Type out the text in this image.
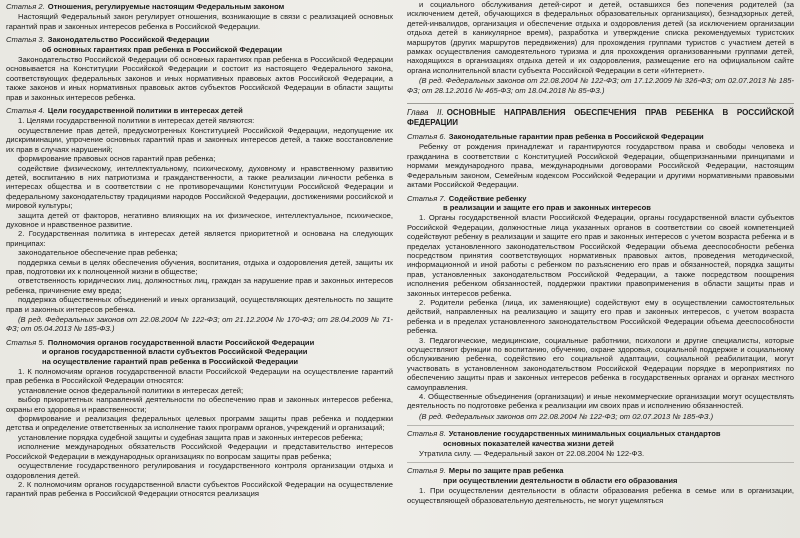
Статья 2. Отношения, регулируемые настоящим Федеральным законом

Настоящий Федеральный закон регулирует отношения, возникающие в связи с реализацией основных гарантий прав и законных интересов ребенка в Российской Федерации.

Статья 3. Законодательство Российской Федерации
об основных гарантиях прав ребенка в Российской Федерации

Законодательство Российской Федерации об основных гарантиях прав ребенка в Российской Федерации основывается на Конституции Российской Федерации и состоит из настоящего Федерального закона, соответствующих федеральных законов и иных нормативных правовых актов Российской Федерации, а также законов и иных нормативных правовых актов субъектов Российской Федерации в области защиты прав и законных интересов ребенка.

Статья 4. Цели государственной политики в интересах детей

1. Целями государственной политики в интересах детей являются:

осуществление прав детей, предусмотренных Конституцией Российской Федерации, недопущение их дискриминации, упрочение основных гарантий прав и законных интересов детей, а также восстановление их прав в случаях нарушений;

формирование правовых основ гарантий прав ребенка;

содействие физическому, интеллектуальному, психическому, духовному и нравственному развитию детей, воспитанию в них патриотизма и гражданственности, а также реализации личности ребенка в интересах общества и в соответствии с не противоречащими Конституции Российской Федерации и федеральному законодательству традициями народов Российской Федерации, достижениями российской и мировой культуры;

защита детей от факторов, негативно влияющих на их физическое, интеллектуальное, психическое, духовное и нравственное развитие.

2. Государственная политика в интересах детей является приоритетной и основана на следующих принципах:

законодательное обеспечение прав ребенка;

поддержка семьи в целях обеспечения обучения, воспитания, отдыха и оздоровления детей, защиты их прав, подготовки их к полноценной жизни в обществе;

ответственность юридических лиц, должностных лиц, граждан за нарушение прав и законных интересов ребенка, причинение ему вреда;

поддержка общественных объединений и иных организаций, осуществляющих деятельность по защите прав и законных интересов ребенка.

(В ред. Федеральных законов от 22.08.2004 № 122-ФЗ; от 21.12.2004 № 170-ФЗ; от 28.04.2009 № 71-ФЗ; от 05.04.2013 № 185-ФЗ.)

Статья 5. Полномочия органов государственной власти Российской Федерации
и органов государственной власти субъектов Российской Федерации
на осуществление гарантий прав ребенка в Российской Федерации

1. К полномочиям органов государственной власти Российской Федерации на осуществление гарантий прав ребенка в Российской Федерации относятся:

установление основ федеральной политики в интересах детей;

выбор приоритетных направлений деятельности по обеспечению прав и законных интересов ребенка, охраны его здоровья и нравственности;

формирование и реализация федеральных целевых программ защиты прав ребенка и поддержки детства и определение ответственных за исполнение таких программ органов, учреждений и организаций;

установление порядка судебной защиты и судебная защита прав и законных интересов ребенка;

исполнение международных обязательств Российской Федерации и представительство интересов Российской Федерации в международных организациях по вопросам защиты прав ребенка;

осуществление государственного регулирования и государственного контроля организации отдыха и оздоровления детей.

2. К полномочиям органов государственной власти субъектов Российской Федерации на осуществление гарантий прав ребенка в Российской Федерации относятся реализация

и социального обслуживания детей-сирот и детей, оставшихся без попечения родителей (за исключением детей, обучающихся в федеральных образовательных организациях), безнадзорных детей, детей-инвалидов, организация и обеспечение отдыха и оздоровления детей (за исключением организации отдыха детей в каникулярное время), разработка и утверждение списка рекомендуемых туристских маршрутов (других маршрутов передвижения) для прохождения группами туристов с участием детей в рамках осуществления самодеятельного туризма и для прохождения организованными группами детей, находящихся в организациях отдыха детей и их оздоровления, размещение его на официальном сайте органа исполнительной власти субъекта Российской Федерации в сети «Интернет».

(В ред. Федеральных законов от 22.08.2004 № 122-ФЗ; от 17.12.2009 № 326-ФЗ; от 02.07.2013 № 185-ФЗ; от 28.12.2016 № 465-ФЗ; от 18.04.2018 № 85-ФЗ.)

Глава II. ОСНОВНЫЕ НАПРАВЛЕНИЯ ОБЕСПЕЧЕНИЯ ПРАВ РЕБЕНКА В РОССИЙСКОЙ ФЕДЕРАЦИИ
Статья 6. Законодательные гарантии прав ребенка в Российской Федерации

Ребенку от рождения принадлежат и гарантируются государством права и свободы человека и гражданина в соответствии с Конституцией Российской Федерации, общепризнанными принципами и нормами международного права, международными договорами Российской Федерации, настоящим Федеральным законом, Семейным кодексом Российской Федерации и другими нормативными правовыми актами Российской Федерации.

Статья 7. Содействие ребенку
в реализации и защите его прав и законных интересов

1. Органы государственной власти Российской Федерации, органы государственной власти субъектов Российской Федерации, должностные лица указанных органов в соответствии со своей компетенцией содействуют ребенку в реализации и защите его прав и законных интересов с учетом возраста ребенка и в пределах установленного законодательством Российской Федерации объема дееспособности ребенка посредством принятия соответствующих нормативных правовых актов, проведения методической, информационной и иной работы с ребенком по разъяснению его прав и обязанностей, порядка защиты прав, установленных законодательством Российской Федерации, а также посредством поощрения исполнения ребенком обязанностей, поддержки практики правоприменения в области защиты прав и законных интересов ребенка.

2. Родители ребенка (лица, их заменяющие) содействуют ему в осуществлении самостоятельных действий, направленных на реализацию и защиту его прав и законных интересов, с учетом возраста ребенка и в пределах установленного законодательством Российской Федерации объема дееспособности ребенка.

3. Педагогические, медицинские, социальные работники, психологи и другие специалисты, которые осуществляют функции по воспитанию, обучению, охране здоровья, социальной поддержке и социальному обслуживанию ребенка, содействию его социальной адаптации, социальной реабилитации, могут участвовать в установленном законодательством Российской Федерации порядке в мероприятиях по обеспечению защиты прав и законных интересов ребенка в государственных органах и органах местного самоуправления.

4. Общественные объединения (организации) и иные некоммерческие организации могут осуществлять деятельность по подготовке ребенка к реализации им своих прав и исполнению обязанностей.

(В ред. Федеральных законов от 22.08.2004 № 122-ФЗ; от 02.07.2013 № 185-ФЗ.)

Статья 8. Установление государственных минимальных социальных стандартов
основных показателей качества жизни детей

Утратила силу. — Федеральный закон от 22.08.2004 № 122-ФЗ.

Статья 9. Меры по защите прав ребенка
при осуществлении деятельности в области его образования

1. При осуществлении деятельности в области образования ребенка в семье или в организации, осуществляющей образовательную деятельность, не могут ущемляться
